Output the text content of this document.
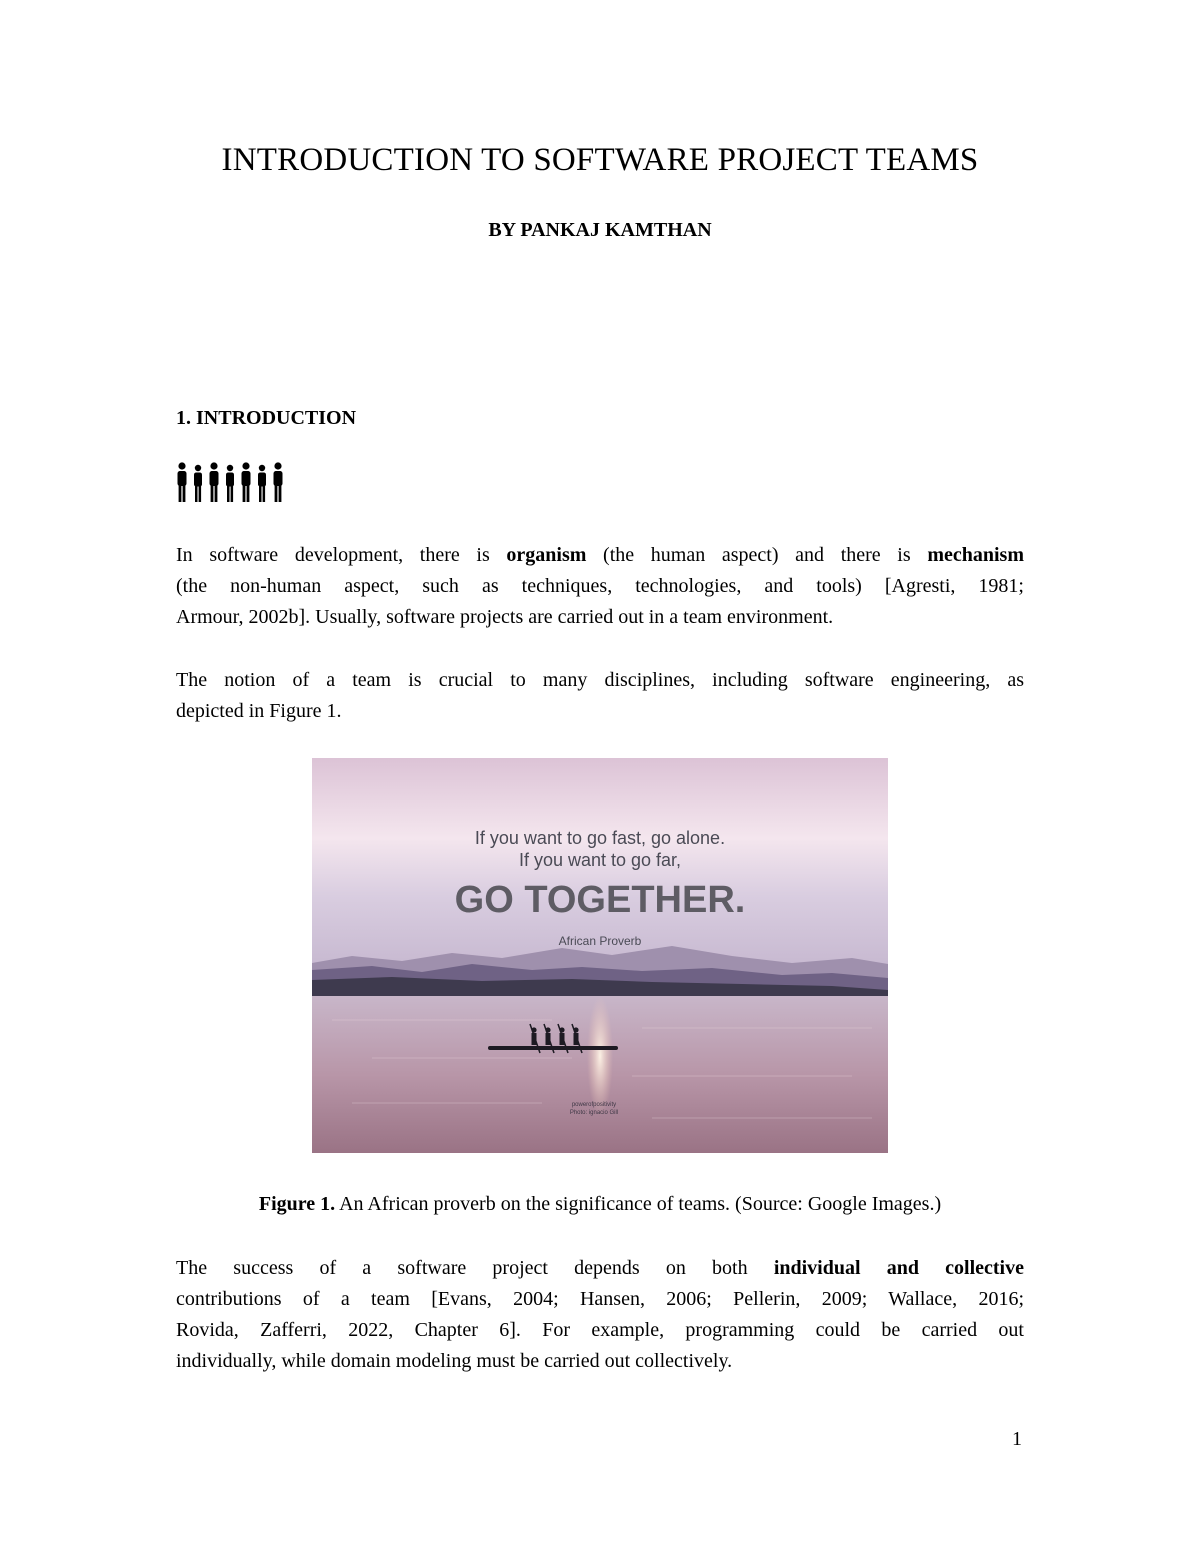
INTRODUCTION TO SOFTWARE PROJECT TEAMS
BY PANKAJ KAMTHAN
1. INTRODUCTION

In software development, there is organism (the human aspect) and there is mechanism
(the non-human aspect, such as techniques, technologies, and tools) [Agresti, 1981;
Armour, 2002b]. Usually, software projects are carried out in a team environment.

The notion of a team is crucial to many disciplines, including software engineering, as
depicted in Figure 1.

If you want to go fast, go alone.
If you want to go far,
GO TOGETHER.
African Proverb
powerofpositivity
Photo: ignacio Gill
Figure 1. An African proverb on the significance of teams. (Source: Google Images.)

The success of a software project depends on both individual and collective
contributions of a team [Evans, 2004; Hansen, 2006; Pellerin, 2009; Wallace, 2016;
Rovida, Zafferri, 2022, Chapter 6]. For example, programming could be carried out
individually, while domain modeling must be carried out collectively.

1
